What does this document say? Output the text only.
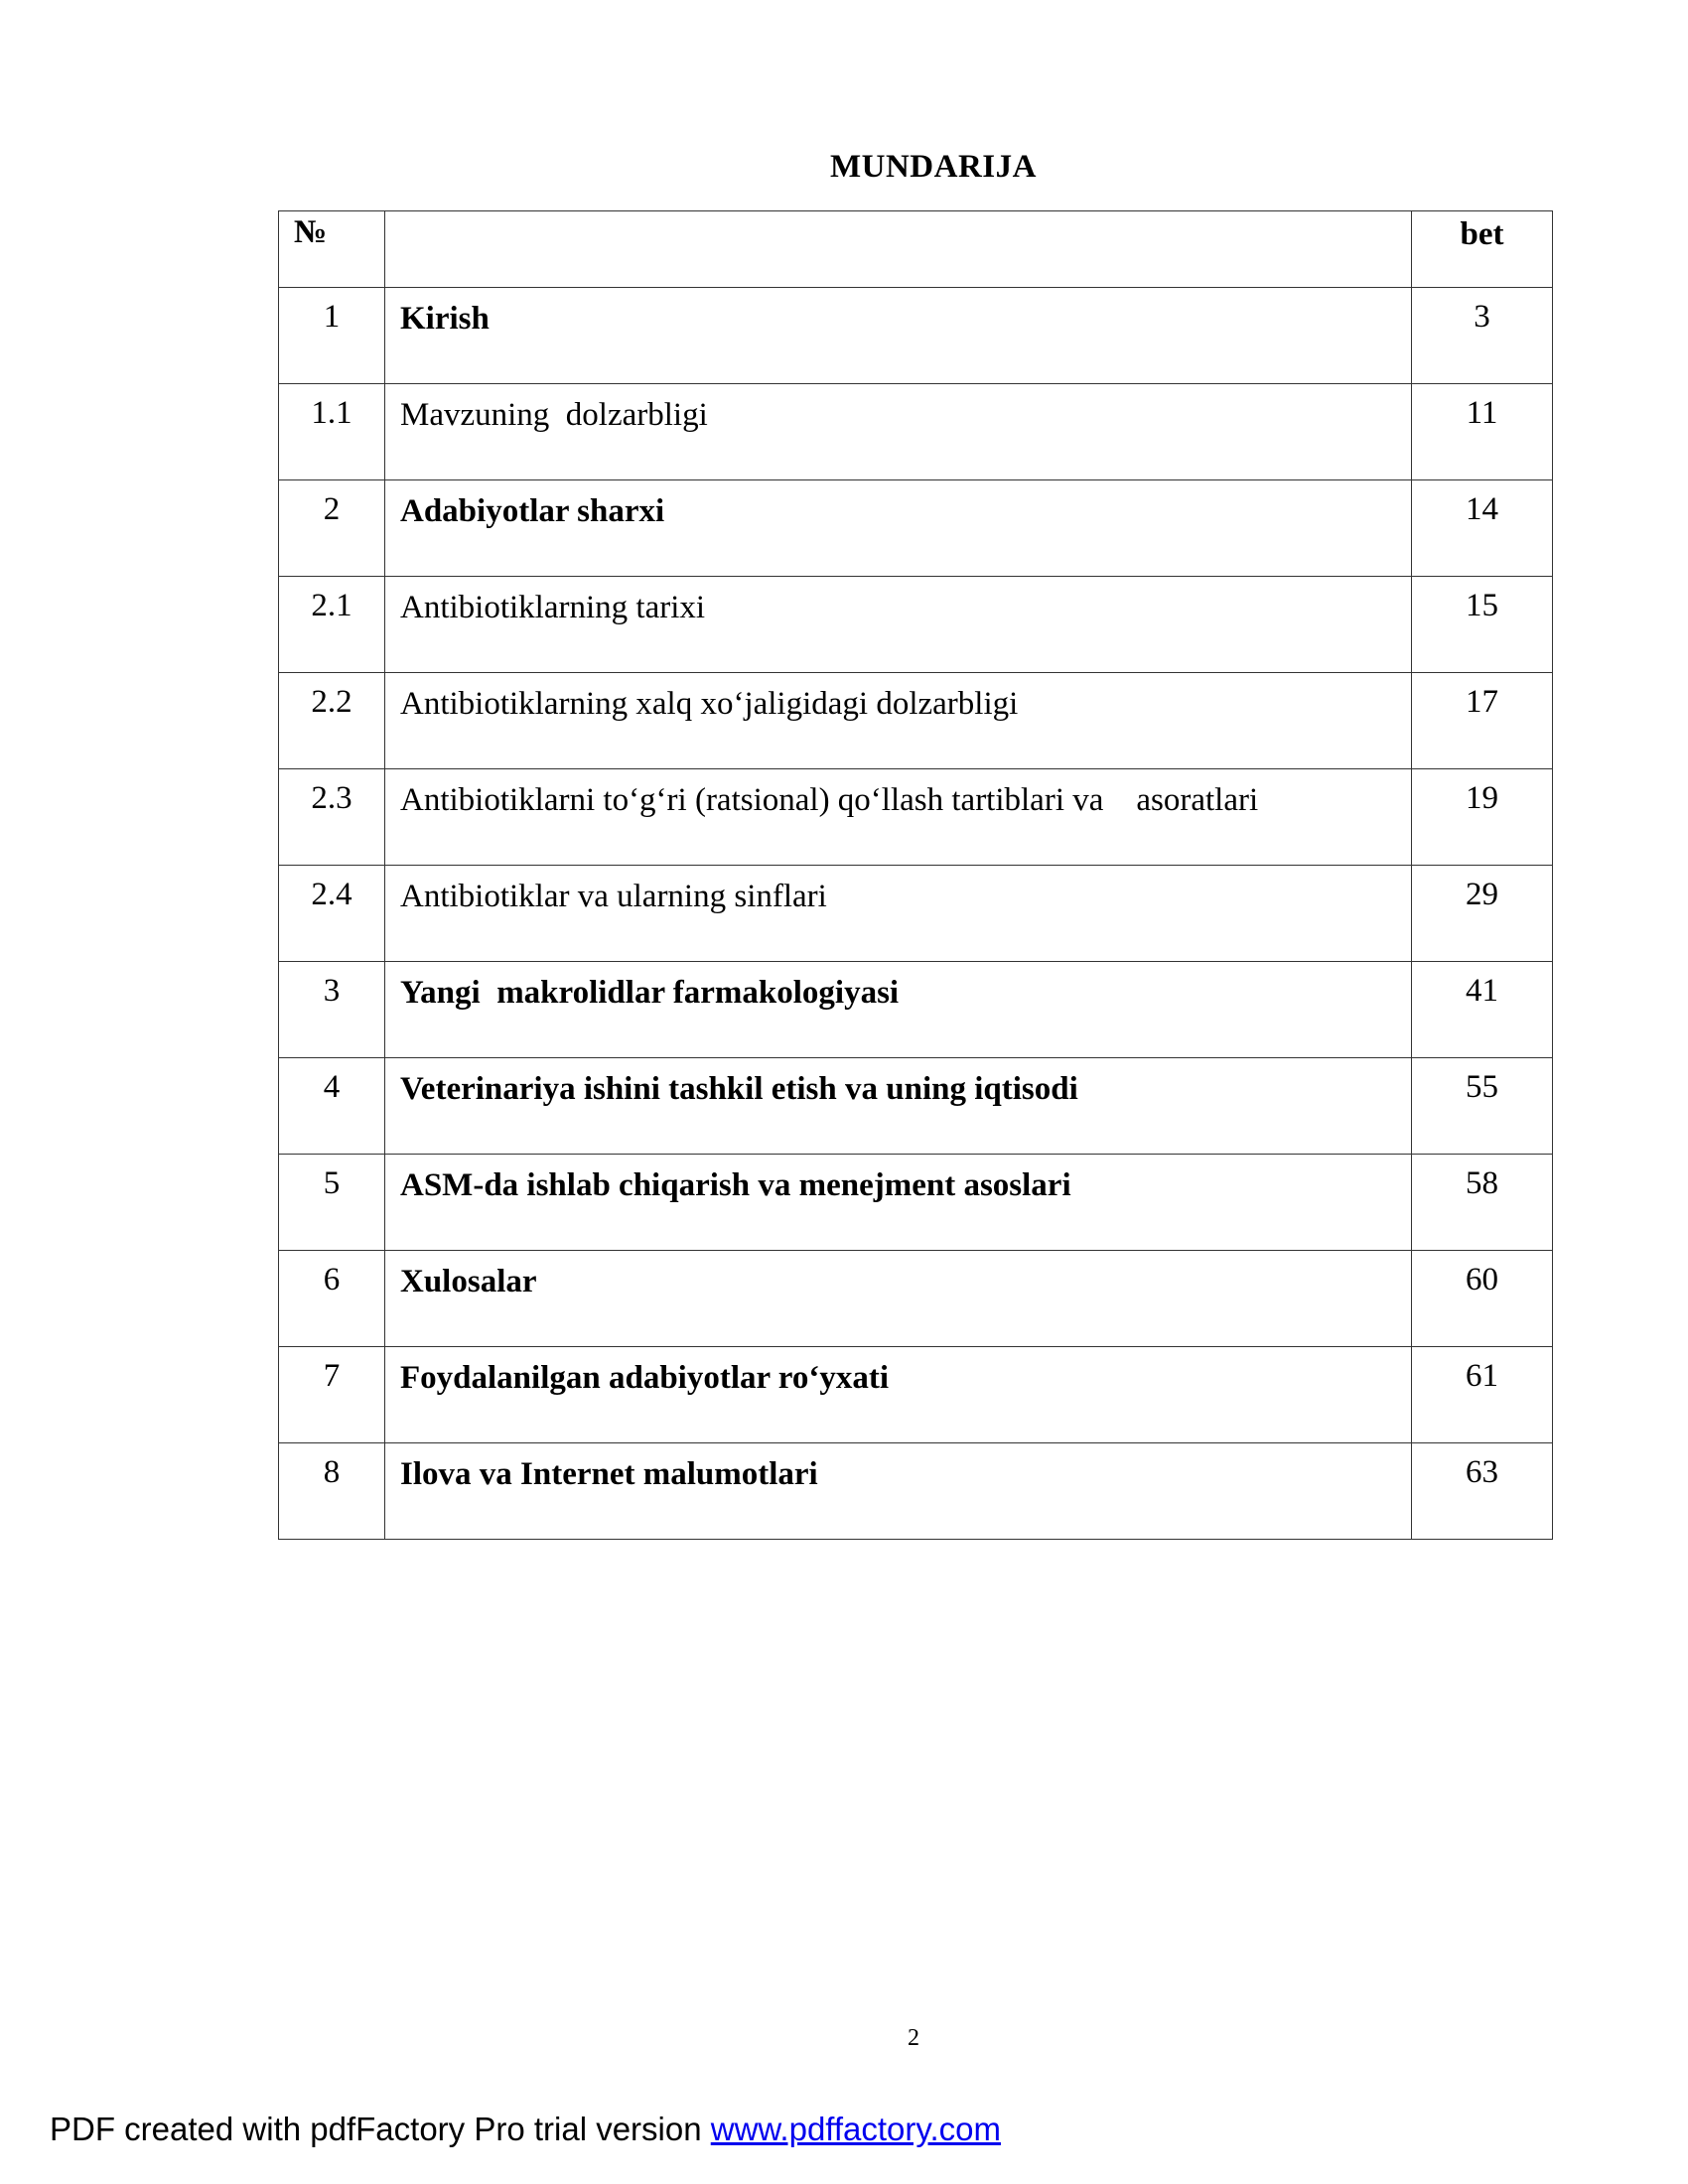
MUNDARIJA
№		bet
1	Kirish	3
1.1	Mavzuning  dolzarbligi	11
2	Adabiyotlar sharxi	14
2.1	Antibiotiklarning tarixi	15
2.2	Antibiotiklarning xalq xo‘jaligidagi dolzarbligi	17
2.3	Antibiotiklarni to‘g‘ri (ratsional) qo‘llash tartiblari va    asoratlari	19
2.4	Antibiotiklar va ularning sinflari	29
3	Yangi  makrolidlar farmakologiyasi	41
4	Veterinariya ishini tashkil etish va uning iqtisodi	55
5	ASM-da ishlab chiqarish va menejment asoslari	58
6	Xulosalar	60
7	Foydalanilgan adabiyotlar ro‘yxati	61
8	Ilova va Internet malumotlari	63
2
PDF created with pdfFactory Pro trial version www.pdffactory.com
